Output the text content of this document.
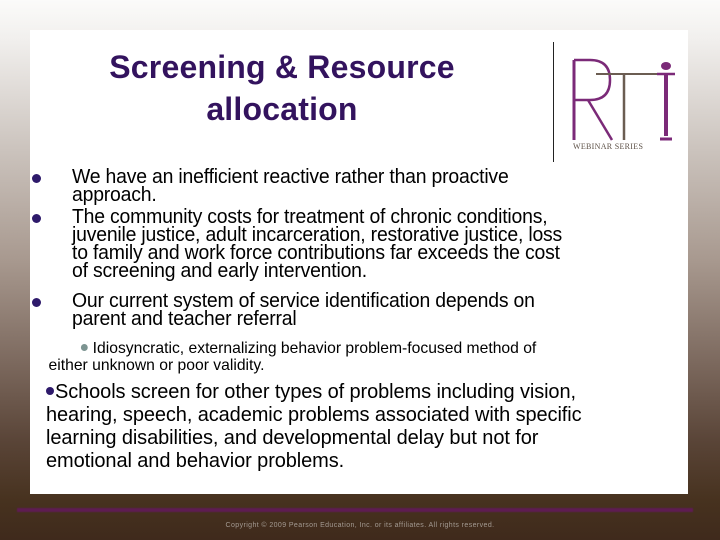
Screening & Resource
allocation
WEBINAR SERIES
We have an inefficient reactive rather than proactive
approach.
The community costs for treatment of chronic conditions,
juvenile justice, adult incarceration, restorative justice, loss
to family and work force contributions far exceeds the cost
of screening and early intervention.
Our current system of service identification depends on
parent and teacher referral
Idiosyncratic, externalizing behavior problem-focused method of
either unknown or poor validity.
Schools screen for other types of problems including vision,
hearing, speech, academic problems associated with specific
learning disabilities, and developmental delay but not for
emotional and behavior problems.
Copyright © 2009 Pearson Education, Inc. or its affiliates. All rights reserved.
